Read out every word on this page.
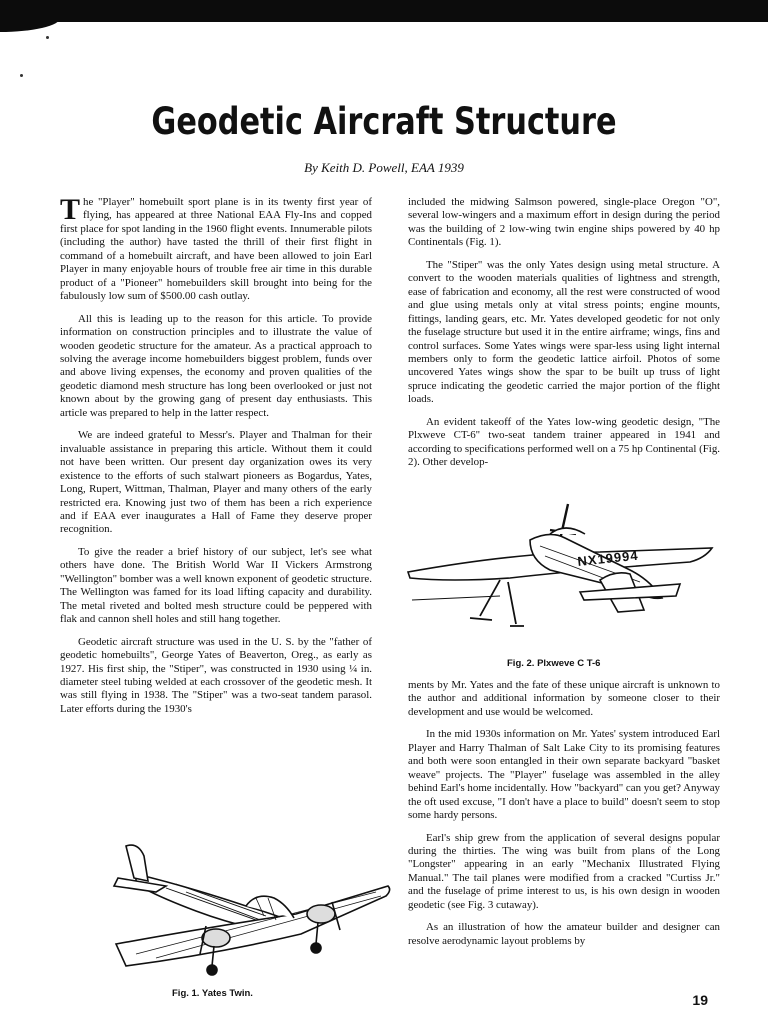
Geodetic Aircraft Structure
By Keith D. Powell, EAA 1939

The "Player" homebuilt sport plane is in its twenty first year of flying, has appeared at three National EAA Fly-Ins and copped first place for spot landing in the 1960 flight events. Innumerable pilots (including the author) have tasted the thrill of their first flight in command of a homebuilt aircraft, and have been allowed to join Earl Player in many enjoyable hours of trouble free air time in this durable product of a "Pioneer" homebuilders skill brought into being for the fabulously low sum of $500.00 cash outlay.

All this is leading up to the reason for this article. To provide information on construction principles and to illustrate the value of wooden geodetic structure for the amateur. As a practical approach to solving the average income homebuilders biggest problem, funds over and above living expenses, the economy and proven qualities of the geodetic diamond mesh structure has long been overlooked or just not known about by the growing gang of present day enthusiasts. This article was prepared to help in the latter respect.

We are indeed grateful to Messr's. Player and Thalman for their invaluable assistance in preparing this article. Without them it could not have been written. Our present day organization owes its very existence to the efforts of such stalwart pioneers as Bogardus, Yates, Long, Rupert, Wittman, Thalman, Player and many others of the early restricted era. Knowing just two of them has been a rich experience and if EAA ever inaugurates a Hall of Fame they deserve proper recognition.

To give the reader a brief history of our subject, let's see what others have done. The British World War II Vickers Armstrong "Wellington" bomber was a well known exponent of geodetic structure. The Wellington was famed for its load lifting capacity and durability. The metal riveted and bolted mesh structure could be peppered with flak and cannon shell holes and still hang together.

Geodetic aircraft structure was used in the U. S. by the "father of geodetic homebuilts", George Yates of Beaverton, Oreg., as early as 1927. His first ship, the "Stiper", was constructed in 1930 using ¼ in. diameter steel tubing welded at each crossover of the geodetic mesh. It was still flying in 1938. The "Stiper" was a two-seat tandem parasol. Later efforts during the 1930's

Fig. 1. Yates Twin.

included the midwing Salmson powered, single-place Oregon "O", several low-wingers and a maximum effort in design during the period was the building of 2 low-wing twin engine ships powered by 40 hp Continentals (Fig. 1).

The "Stiper" was the only Yates design using metal structure. A convert to the wooden materials qualities of lightness and strength, ease of fabrication and economy, all the rest were constructed of wood and glue using metals only at vital stress points; engine mounts, fittings, landing gears, etc. Mr. Yates developed geodetic for not only the fuselage structure but used it in the entire airframe; wings, fins and control surfaces. Some Yates wings were spar-less using light internal members only to form the geodetic lattice airfoil. Photos of some uncovered Yates wings show the spar to be built up truss of light spruce indicating the geodetic carried the major portion of the flight loads.

An evident takeoff of the Yates low-wing geodetic design, "The Plxweve CT-6" two-seat tandem trainer appeared in 1941 and according to specifications performed well on a 75 hp Continental (Fig. 2). Other develop-

NX19994
Fig. 2. Plxweve C T-6

ments by Mr. Yates and the fate of these unique aircraft is unknown to the author and additional information by someone closer to their development and use would be welcomed.

In the mid 1930s information on Mr. Yates' system introduced Earl Player and Harry Thalman of Salt Lake City to its promising features and both were soon entangled in their own separate backyard "basket weave" projects. The "Player" fuselage was assembled in the alley behind Earl's home incidentally. How "backyard" can you get? Anyway the oft used excuse, "I don't have a place to build" doesn't seem to stop some hardy persons.

Earl's ship grew from the application of several designs popular during the thirties. The wing was built from plans of the Long "Longster" appearing in an early "Mechanix Illustrated Flying Manual." The tail planes were modified from a cracked "Curtiss Jr." and the fuselage of prime interest to us, is his own design in wooden geodetic (see Fig. 3 cutaway).

As an illustration of how the amateur builder and designer can resolve aerodynamic layout problems by

19
